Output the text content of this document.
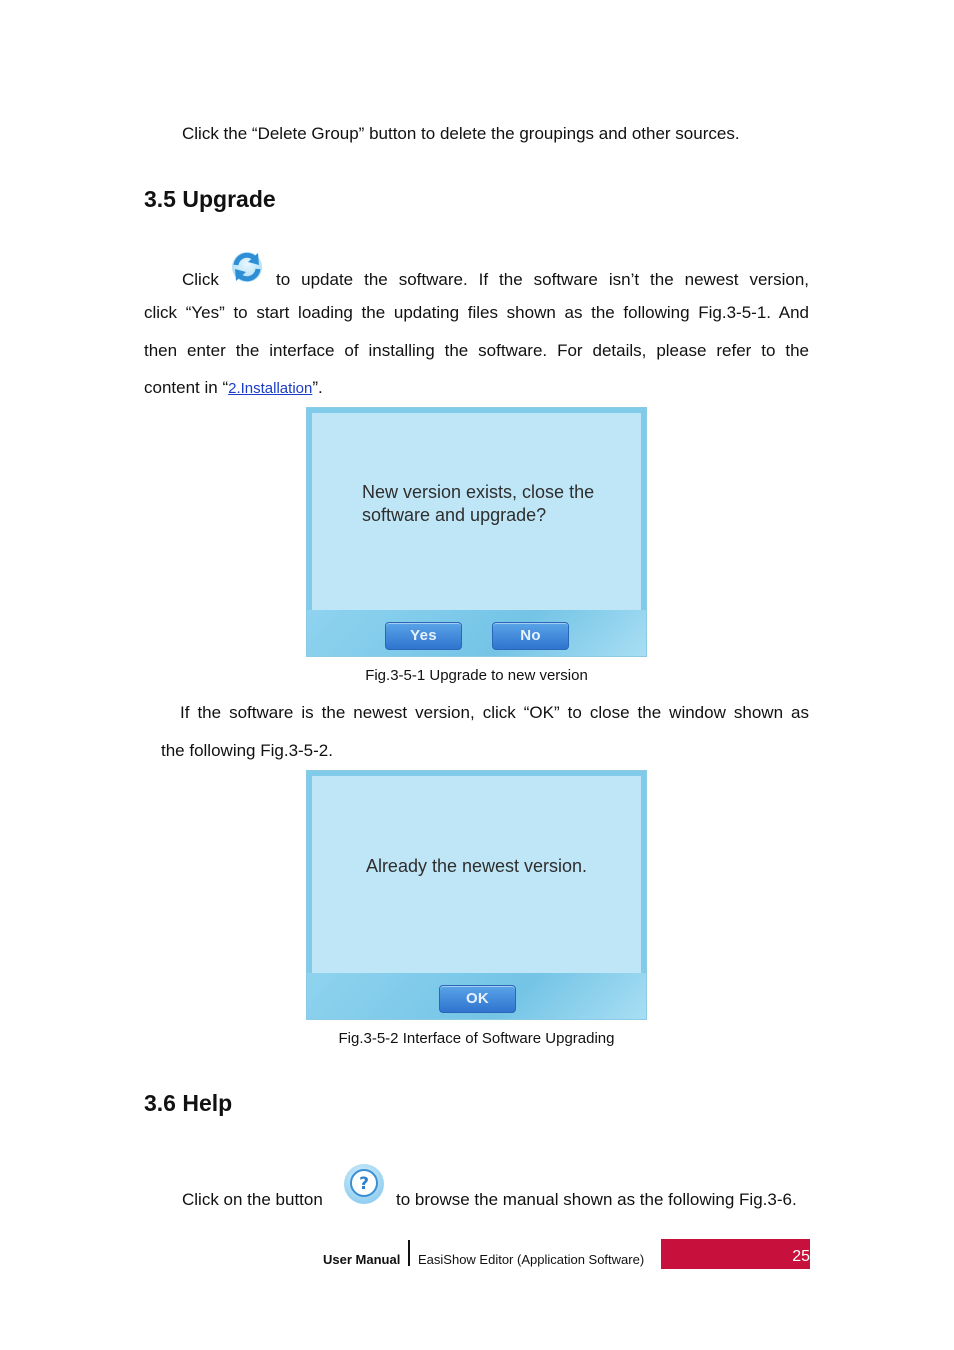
Click the “Delete Group” button to delete the groupings and other sources.
3.5 Upgrade
Click	to update the software. If the software isn’t the newest version,
click “Yes” to start loading the updating files shown as the following Fig.3-5-1. And
then enter the interface of installing the software. For details, please refer to the
content in “2.Installation”.
New version exists, close the
software and upgrade?
Yes	No
Fig.3-5-1 Upgrade to new version
If the software is the newest version, click “OK” to close the window shown as
the following Fig.3-5-2.
Already the newest version.
OK
Fig.3-5-2 Interface of Software Upgrading
3.6 Help
Click on the button
?
to browse the manual shown as the following Fig.3-6.
User Manual EasiShow Editor (Application Software)	25
